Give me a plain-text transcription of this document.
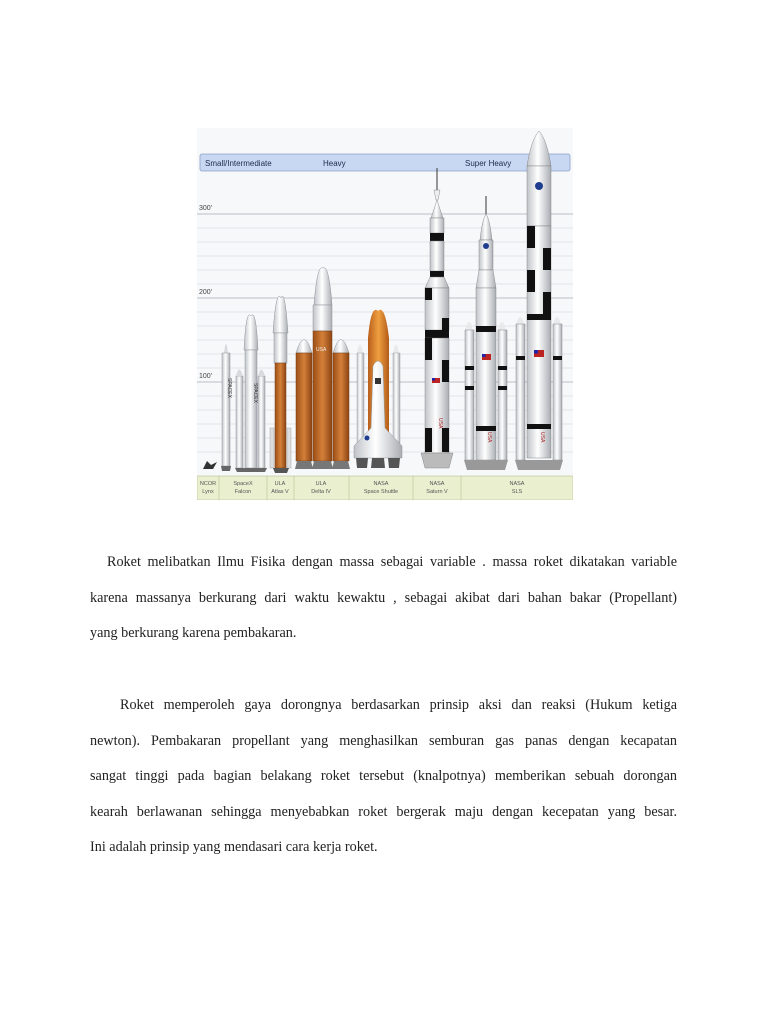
Small/Intermediate	Heavy	Super Heavy
300'
200'
100'
SPACEX	SPACEX
USA
USA
USA	USA
NCOR
Lynx
SpaceX
Falcon
ULA
Atlas V
ULA
Delta IV
NASA
Space Shuttle
NASA
Saturn V
NASA
SLS
Roket melibatkan Ilmu Fisika dengan massa sebagai variable . massa roket dikatakan variable
karena massanya berkurang dari waktu kewaktu , sebagai akibat dari bahan bakar (Propellant)
yang berkurang karena pembakaran.
Roket memperoleh gaya dorongnya berdasarkan prinsip aksi dan reaksi (Hukum ketiga
newton). Pembakaran propellant yang menghasilkan semburan gas panas dengan kecapatan
sangat tinggi pada bagian belakang roket tersebut (knalpotnya) memberikan sebuah dorongan
kearah berlawanan sehingga menyebabkan roket bergerak maju dengan kecepatan yang besar.
Ini adalah prinsip yang mendasari cara kerja roket.
